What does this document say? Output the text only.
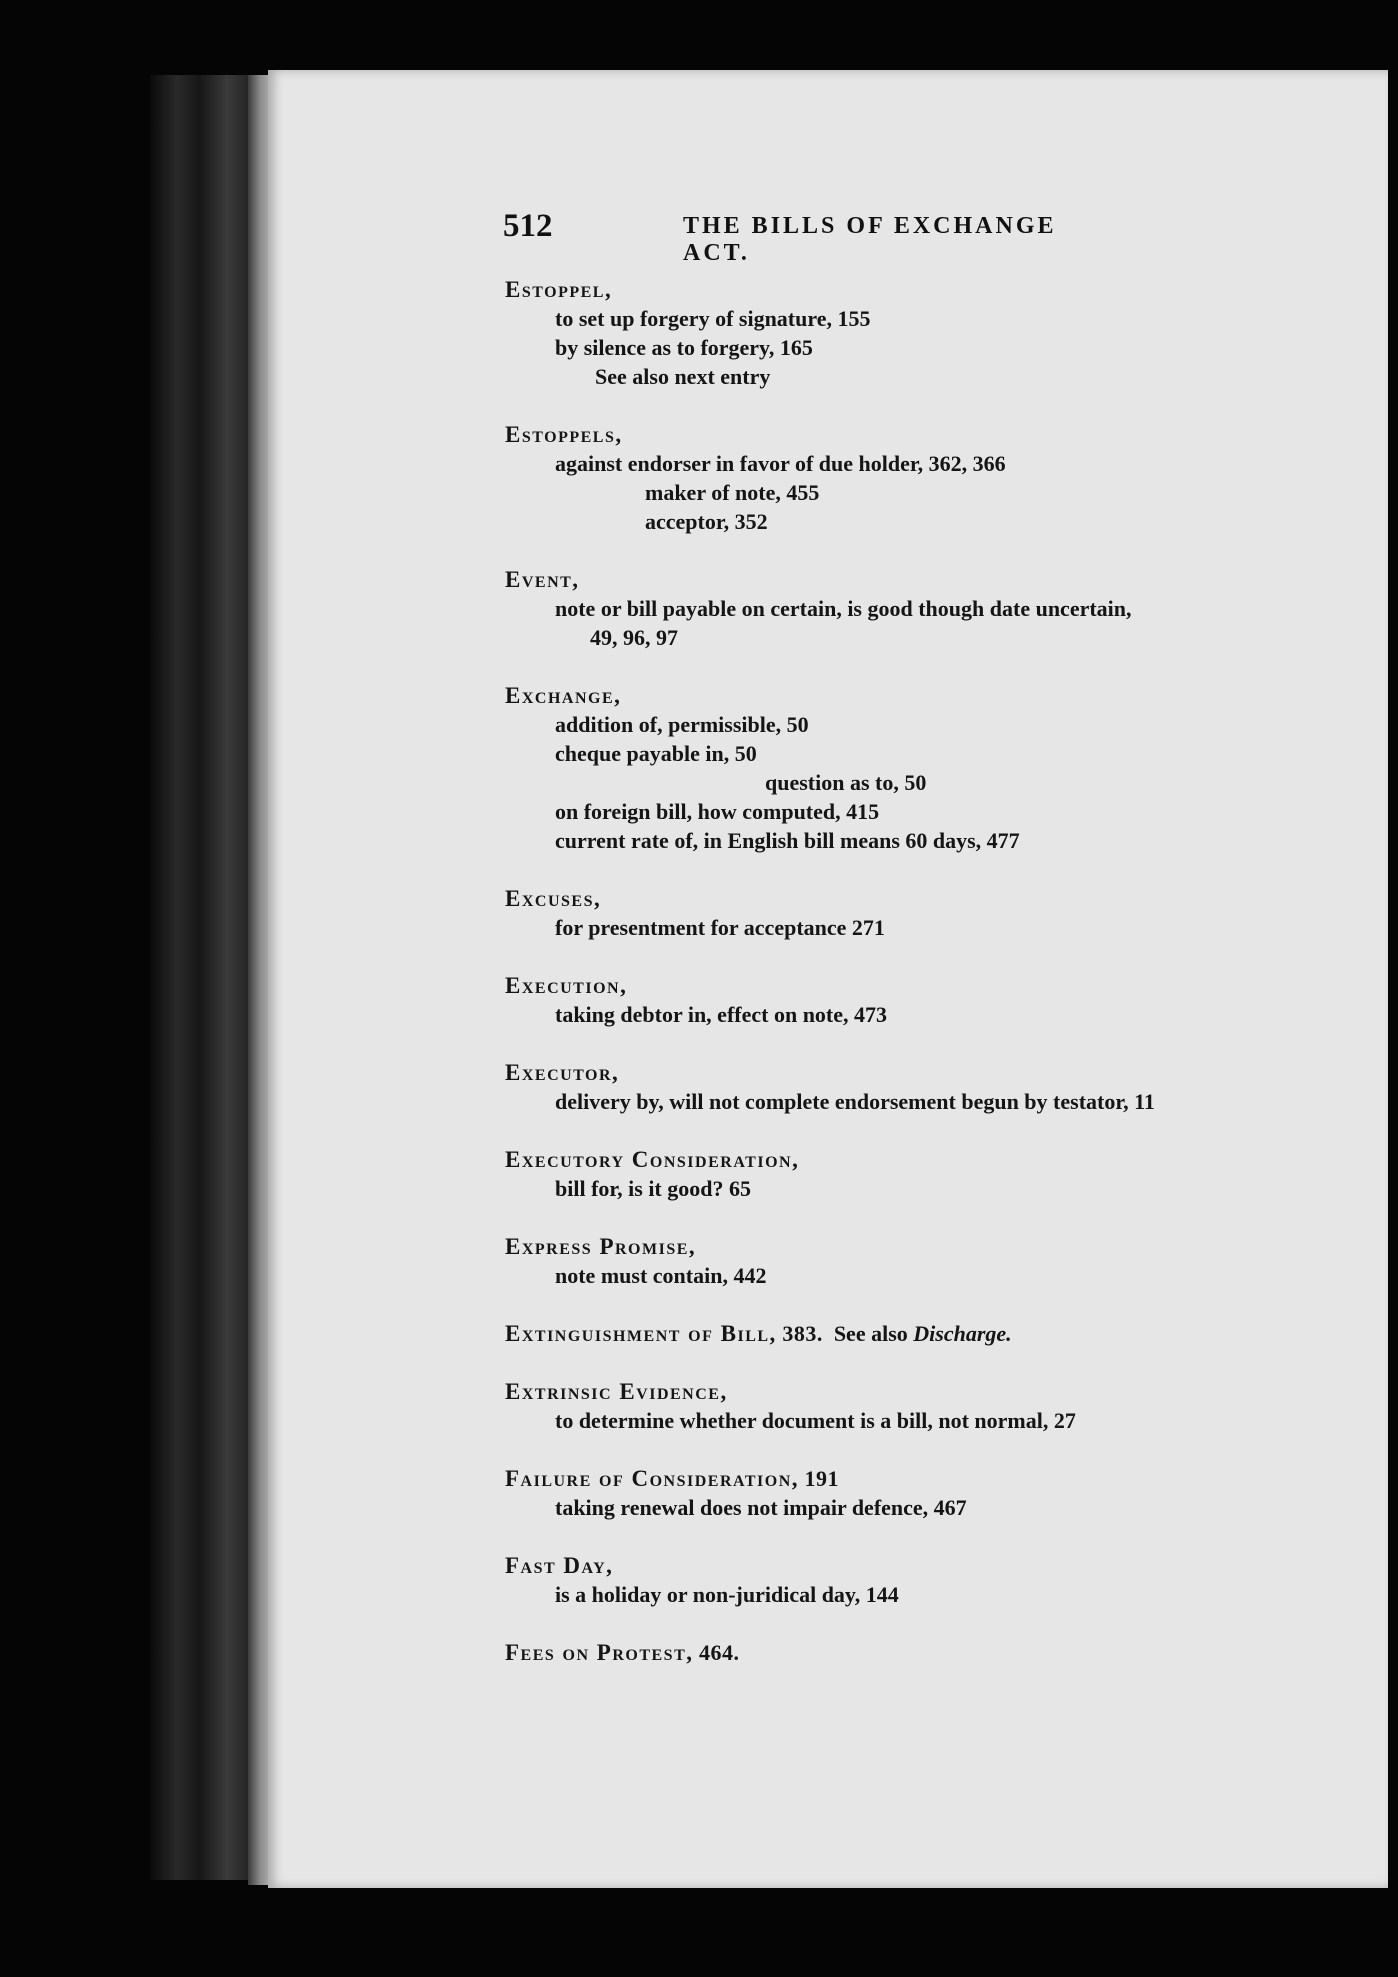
512	THE BILLS OF EXCHANGE ACT.
Estoppel,
to set up forgery of signature, 155
by silence as to forgery, 165
See also next entry
Estoppels,
against endorser in favor of due holder, 362, 366
maker of note, 455
acceptor, 352
Event,
note or bill payable on certain, is good though date uncertain,
49, 96, 97
Exchange,
addition of, permissible, 50
cheque payable in, 50
question as to, 50
on foreign bill, how computed, 415
current rate of, in English bill means 60 days, 477
Excuses,
for presentment for acceptance 271
Execution,
taking debtor in, effect on note, 473
Executor,
delivery by, will not complete endorsement begun by testator, 11
Executory Consideration,
bill for, is it good? 65
Express Promise,
note must contain, 442
Extinguishment of Bill, 383. See also Discharge.
Extrinsic Evidence,
to determine whether document is a bill, not normal, 27
Failure of Consideration, 191
taking renewal does not impair defence, 467
Fast Day,
is a holiday or non-juridical day, 144
Fees on Protest, 464.
